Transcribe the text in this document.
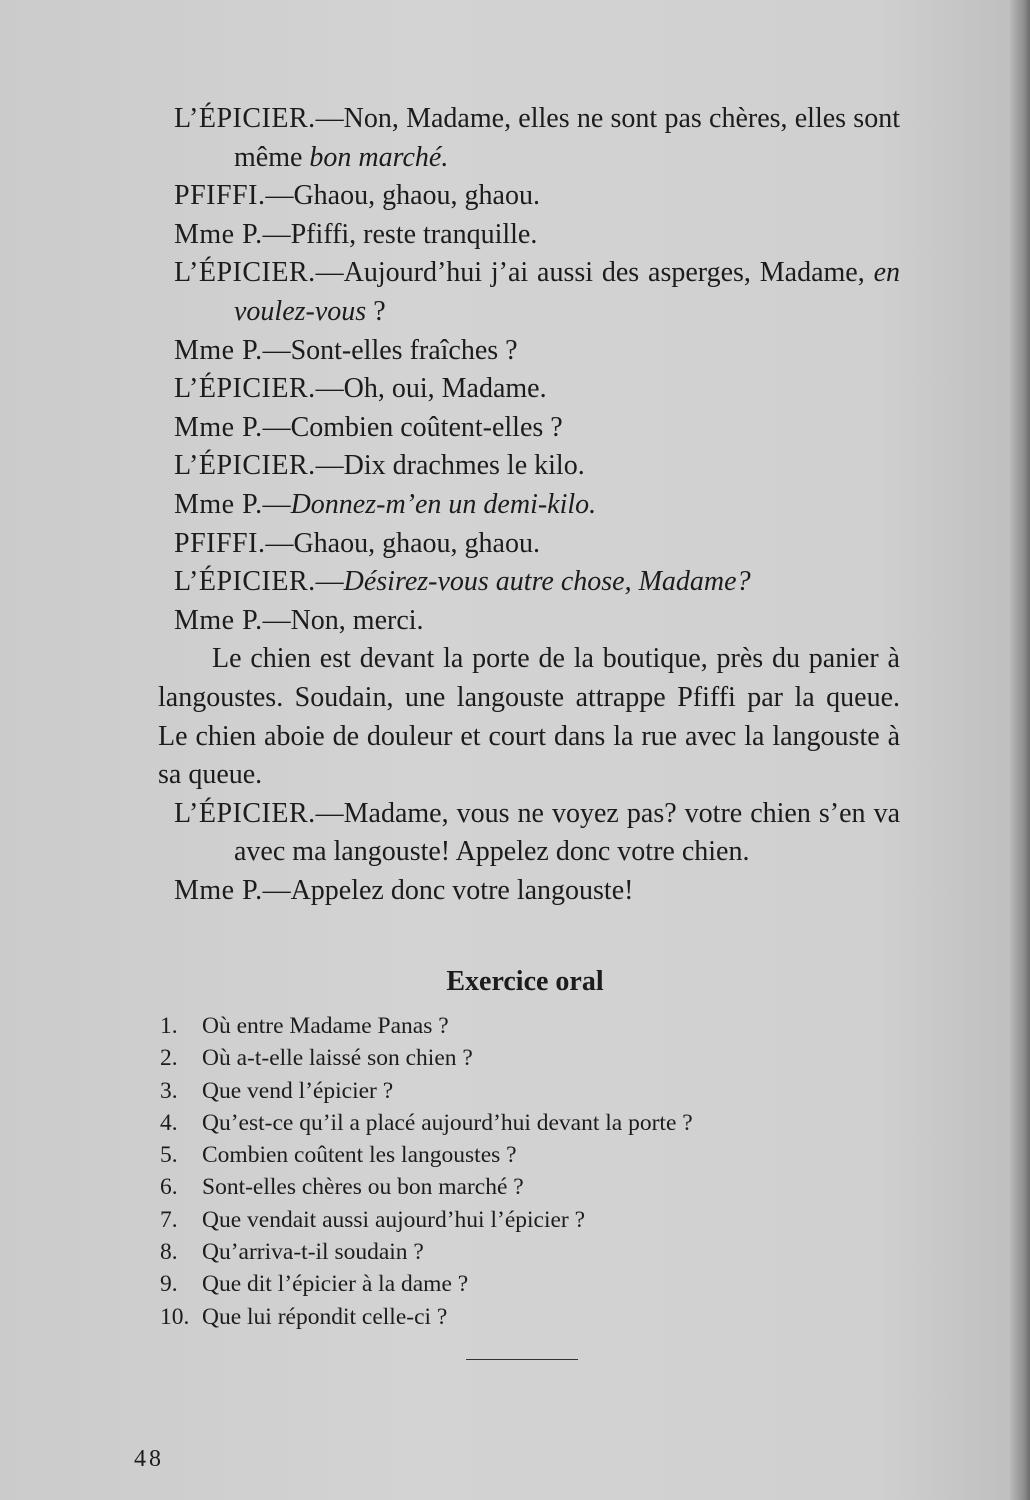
L’ÉPICIER.—Non, Madame, elles ne sont pas chères, elles sont même bon marché.

PFIFFI.—Ghaou, ghaou, ghaou.

Mme P.—Pfiffi, reste tranquille.

L’ÉPICIER.—Aujourd’hui j’ai aussi des asperges, Madame, en voulez-vous ?

Mme P.—Sont-elles fraîches ?

L’ÉPICIER.—Oh, oui, Madame.

Mme P.—Combien coûtent-elles ?

L’ÉPICIER.—Dix drachmes le kilo.

Mme P.—Donnez-m’en un demi-kilo.

PFIFFI.—Ghaou, ghaou, ghaou.

L’ÉPICIER.—Désirez-vous autre chose, Madame?

Mme P.—Non, merci.

Le chien est devant la porte de la boutique, près du panier à langoustes. Soudain, une langouste attrappe Pfiffi par la queue. Le chien aboie de douleur et court dans la rue avec la langouste à sa queue.

L’ÉPICIER.—Madame, vous ne voyez pas? votre chien s’en va avec ma langouste! Appelez donc votre chien.

Mme P.—Appelez donc votre langouste!

Exercice oral
1.	Où entre Madame Panas ?
2.	Où a-t-elle laissé son chien ?
3.	Que vend l’épicier ?
4.	Qu’est-ce qu’il a placé aujourd’hui devant la porte ?
5.	Combien coûtent les langoustes ?
6.	Sont-elles chères ou bon marché ?
7.	Que vendait aussi aujourd’hui l’épicier ?
8.	Qu’arriva-t-il soudain ?
9.	Que dit l’épicier à la dame ?
10. Que lui répondit celle-ci ?
48
